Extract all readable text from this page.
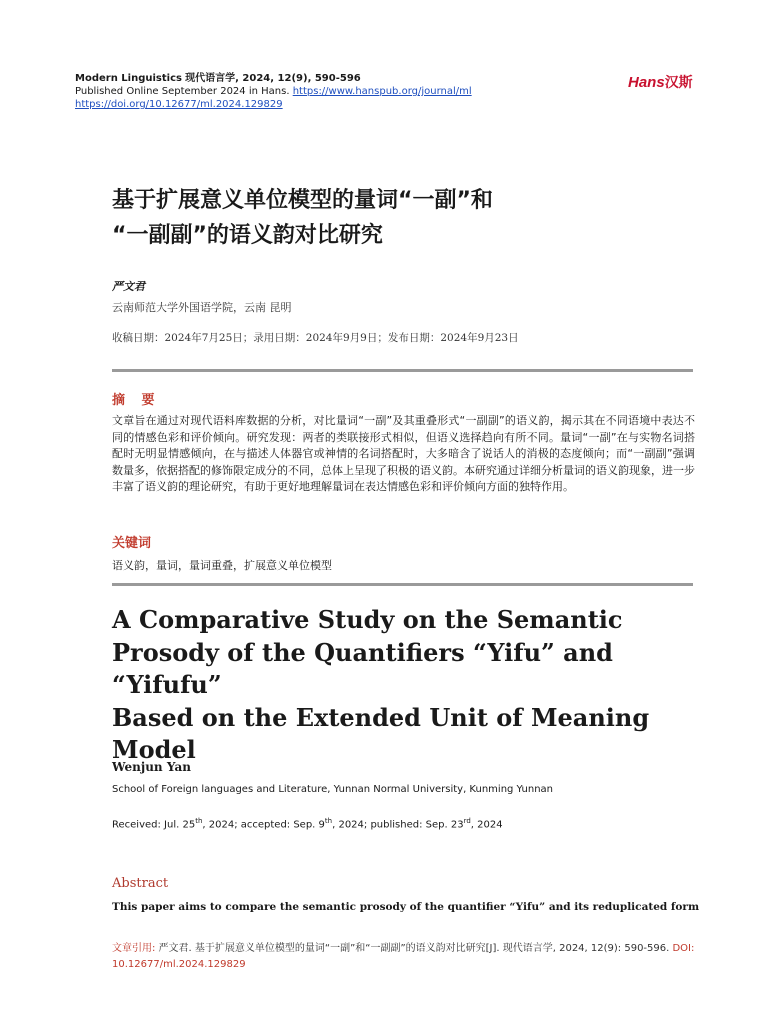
Modern Linguistics 现代语言学, 2024, 12(9), 590-596
Published Online September 2024 in Hans. https://www.hanspub.org/journal/ml
https://doi.org/10.12677/ml.2024.129829
Hans汉斯
基于扩展意义单位模型的量词“一副”和
“一副副”的语义韵对比研究
严文君
云南师范大学外国语学院，云南 昆明
收稿日期：2024年7月25日；录用日期：2024年9月9日；发布日期：2024年9月23日
摘 要
文章旨在通过对现代语料库数据的分析，对比量词“一副”及其重叠形式“一副副”的语义韵，揭示其在不同语境中表达不同的情感色彩和评价倾向。研究发现：两者的类联接形式相似，但语义选择趋向有所不同。量词“一副”在与实物名词搭配时无明显情感倾向，在与描述人体器官或神情的名词搭配时，大多暗含了说话人的消极的态度倾向；而“一副副”强调数量多，依据搭配的修饰限定成分的不同，总体上呈现了积极的语义韵。本研究通过详细分析量词的语义韵现象，进一步丰富了语义韵的理论研究，有助于更好地理解量词在表达情感色彩和评价倾向方面的独特作用。
关键词
语义韵，量词，量词重叠，扩展意义单位模型
A Comparative Study on the Semantic
Prosody of the Quantifiers “Yifu” and “Yifufu”
Based on the Extended Unit of Meaning
Model
Wenjun Yan
School of Foreign languages and Literature, Yunnan Normal University, Kunming Yunnan
Received: Jul. 25th, 2024; accepted: Sep. 9th, 2024; published: Sep. 23rd, 2024
Abstract
This paper aims to compare the semantic prosody of the quantifier “Yifu” and its reduplicated form
文章引用: 严文君. 基于扩展意义单位模型的量词“一副”和“一副副”的语义韵对比研究[J]. 现代语言学, 2024, 12(9): 590-596. DOI: 10.12677/ml.2024.129829
